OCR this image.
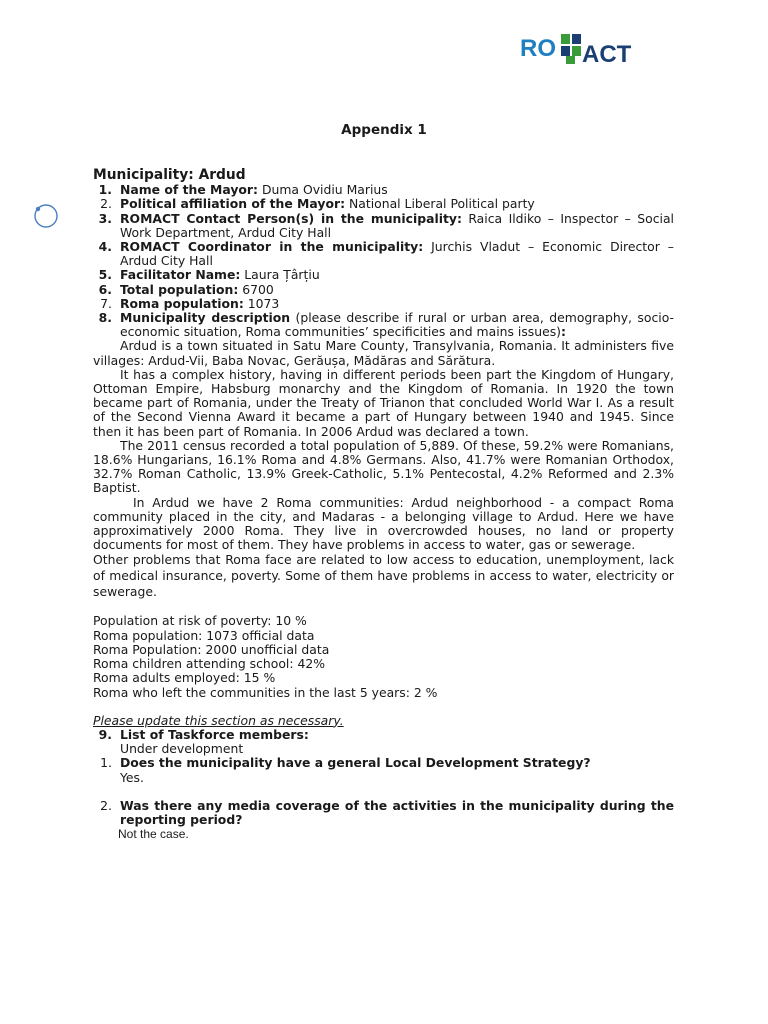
RO ACT
Appendix 1
Municipality: Ardud
1. Name of the Mayor: Duma Ovidiu Marius
2. Political affiliation of the Mayor: National Liberal Political party
3. ROMACT Contact Person(s) in the municipality: Raica Ildiko – Inspector – Social Work Department, Ardud City Hall
4. ROMACT Coordinator in the municipality: Jurchis Vladut – Economic Director – Ardud City Hall
5. Facilitator Name: Laura Țârțiu
6. Total population: 6700
7. Roma population: 1073
8. Municipality description (please describe if rural or urban area, demography, socio-economic situation, Roma communities’ specificities and mains issues):
Ardud is a town situated in Satu Mare County, Transylvania, Romania. It administers five villages: Ardud-Vii, Baba Novac, Gerăușa, Mădăras and Sărătura.
It has a complex history, having in different periods been part the Kingdom of Hungary, Ottoman Empire, Habsburg monarchy and the Kingdom of Romania. In 1920 the town became part of Romania, under the Treaty of Trianon that concluded World War I. As a result of the Second Vienna Award it became a part of Hungary between 1940 and 1945. Since then it has been part of Romania. In 2006 Ardud was declared a town.
The 2011 census recorded a total population of 5,889. Of these, 59.2% were Romanians, 18.6% Hungarians, 16.1% Roma and 4.8% Germans. Also, 41.7% were Romanian Orthodox, 32.7% Roman Catholic, 13.9% Greek-Catholic, 5.1% Pentecostal, 4.2% Reformed and 2.3% Baptist.
In Ardud we have 2 Roma communities: Ardud neighborhood - a compact Roma community placed in the city, and Madaras - a belonging village to Ardud. Here we have approximatively 2000 Roma. They live in overcrowded houses, no land or property documents for most of them. They have problems in access to water, gas or sewerage.
Other problems that Roma face are related to low access to education, unemployment, lack of medical insurance, poverty. Some of them have problems in access to water, electricity or sewerage.
Population at risk of poverty: 10 %
Roma population: 1073 official data
Roma Population: 2000 unofficial data
Roma children attending school: 42%
Roma adults employed: 15 %
Roma who left the communities in the last 5 years: 2 %
Please update this section as necessary.
9. List of Taskforce members:
Under development
1. Does the municipality have a general Local Development Strategy?
Yes.
2. Was there any media coverage of the activities in the municipality during the reporting period?
Not the case.
